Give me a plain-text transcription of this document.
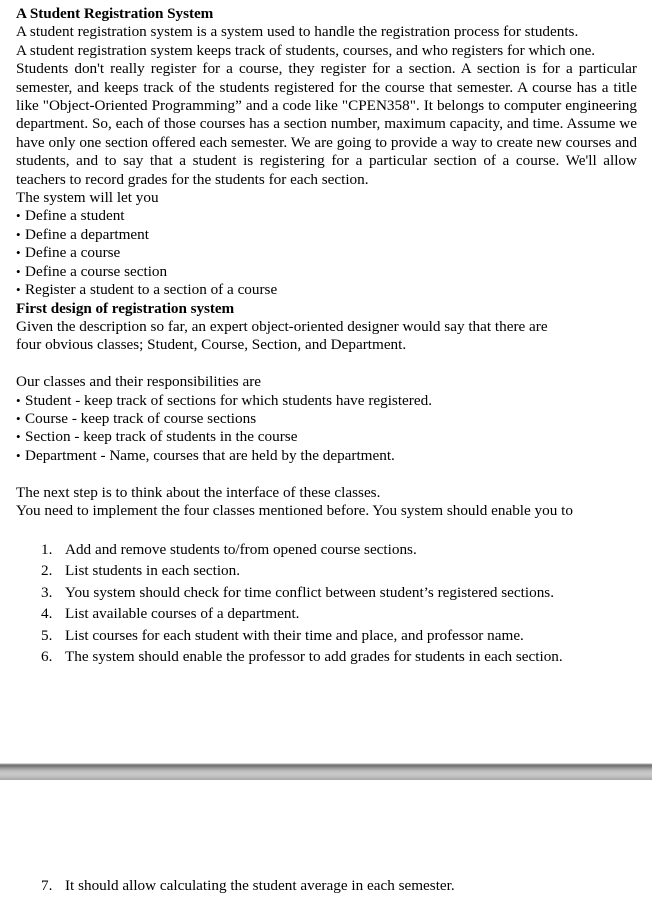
A Student Registration System

A student registration system is a system used to handle the registration process for students.

A student registration system keeps track of students, courses, and who registers for which one.

Students don't really register for a course, they register for a section. A section is for a particular semester, and keeps track of the students registered for the course that semester. A course has a title like "Object-Oriented Programming” and a code like "CPEN358". It belongs to computer engineering department. So, each of those courses has a section number, maximum capacity, and time. Assume we have only one section offered each semester. We are going to provide a way to create new courses and students, and to say that a student is registering for a particular section of a course. We'll allow teachers to record grades for the students for each section.

The system will let you

• Define a student
• Define a department
• Define a course
• Define a course section
• Register a student to a section of a course
First design of registration system

Given the description so far, an expert object-oriented designer would say that there are

four obvious classes; Student, Course, Section, and Department.

Our classes and their responsibilities are

• Student - keep track of sections for which students have registered.
• Course - keep track of course sections
• Section - keep track of students in the course
• Department - Name, courses that are held by the department.

The next step is to think about the interface of these classes.

You need to implement the four classes mentioned before. You system should enable you to

1. Add and remove students to/from opened course sections.
2. List students in each section.
3. You system should check for time conflict between student’s registered sections.
4. List available courses of a department.
5. List courses for each student with their time and place, and professor name.
6. The system should enable the professor to add grades for students in each section.
7. It should allow calculating the student average in each semester.
